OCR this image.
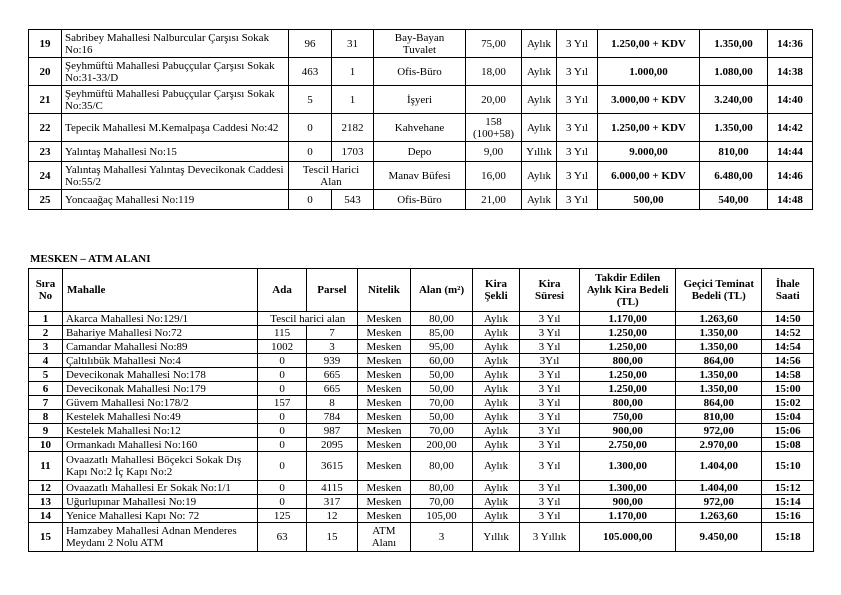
19	Sabribey Mahallesi Nalburcular Çarşısı Sokak No:16	96	31	Bay-Bayan Tuvalet	75,00	Aylık	3 Yıl	1.250,00 + KDV	1.350,00	14:36
20	Şeyhmüftü Mahallesi Pabuççular Çarşısı Sokak No:31-33/D	463	1	Ofis-Büro	18,00	Aylık	3 Yıl	1.000,00	1.080,00	14:38
21	Şeyhmüftü Mahallesi Pabuççular Çarşısı Sokak No:35/C	5	1	İşyeri	20,00	Aylık	3 Yıl	3.000,00 + KDV	3.240,00	14:40
22	Tepecik Mahallesi M.Kemalpaşa Caddesi No:42	0	2182	Kahvehane	158 (100+58)	Aylık	3 Yıl	1.250,00 + KDV	1.350,00	14:42
23	Yalıntaş Mahallesi No:15	0	1703	Depo	9,00	Yıllık	3 Yıl	9.000,00	810,00	14:44
24	Yalıntaş Mahallesi Yalıntaş Devecikonak Caddesi No:55/2	Tescil Harici Alan		Manav Büfesi	16,00	Aylık	3 Yıl	6.000,00 + KDV	6.480,00	14:46
25	Yoncaağaç Mahallesi No:119	0	543	Ofis-Büro	21,00	Aylık	3 Yıl	500,00	540,00	14:48
MESKEN – ATM ALANI
Sıra No	Mahalle	Ada	Parsel	Nitelik	Alan (m²)	Kira Şekli	Kira Süresi	Takdir Edilen Aylık Kira Bedeli (TL)	Geçici Teminat Bedeli (TL)	İhale Saati
1	Akarca Mahallesi No:129/1	Tescil harici alan		Mesken	80,00	Aylık	3 Yıl	1.170,00	1.263,60	14:50
2	Bahariye Mahallesi No:72	115	7	Mesken	85,00	Aylık	3 Yıl	1.250,00	1.350,00	14:52
3	Camandar Mahallesi No:89	1002	3	Mesken	95,00	Aylık	3 Yıl	1.250,00	1.350,00	14:54
4	Çaltılıbük Mahallesi No:4	0	939	Mesken	60,00	Aylık	3Yıl	800,00	864,00	14:56
5	Devecikonak Mahallesi No:178	0	665	Mesken	50,00	Aylık	3 Yıl	1.250,00	1.350,00	14:58
6	Devecikonak Mahallesi No:179	0	665	Mesken	50,00	Aylık	3 Yıl	1.250,00	1.350,00	15:00
7	Güvem Mahallesi No:178/2	157	8	Mesken	70,00	Aylık	3 Yıl	800,00	864,00	15:02
8	Kestelek Mahallesi No:49	0	784	Mesken	50,00	Aylık	3 Yıl	750,00	810,00	15:04
9	Kestelek Mahallesi No:12	0	987	Mesken	70,00	Aylık	3 Yıl	900,00	972,00	15:06
10	Ormankadı Mahallesi No:160	0	2095	Mesken	200,00	Aylık	3 Yıl	2.750,00	2.970,00	15:08
11	Ovaazatlı Mahallesi Böçekci Sokak Dış Kapı No:2 İç Kapı No:2	0	3615	Mesken	80,00	Aylık	3 Yıl	1.300,00	1.404,00	15:10
12	Ovaazatlı Mahallesi Er Sokak No:1/1	0	4115	Mesken	80,00	Aylık	3 Yıl	1.300,00	1.404,00	15:12
13	Uğurlupınar Mahallesi No:19	0	317	Mesken	70,00	Aylık	3 Yıl	900,00	972,00	15:14
14	Yenice Mahallesi Kapı No: 72	125	12	Mesken	105,00	Aylık	3 Yıl	1.170,00	1.263,60	15:16
15	Hamzabey Mahallesi Adnan Menderes Meydanı 2 Nolu ATM	63	15	ATM Alanı	3	Yıllık	3 Yıllık	105.000,00	9.450,00	15:18
